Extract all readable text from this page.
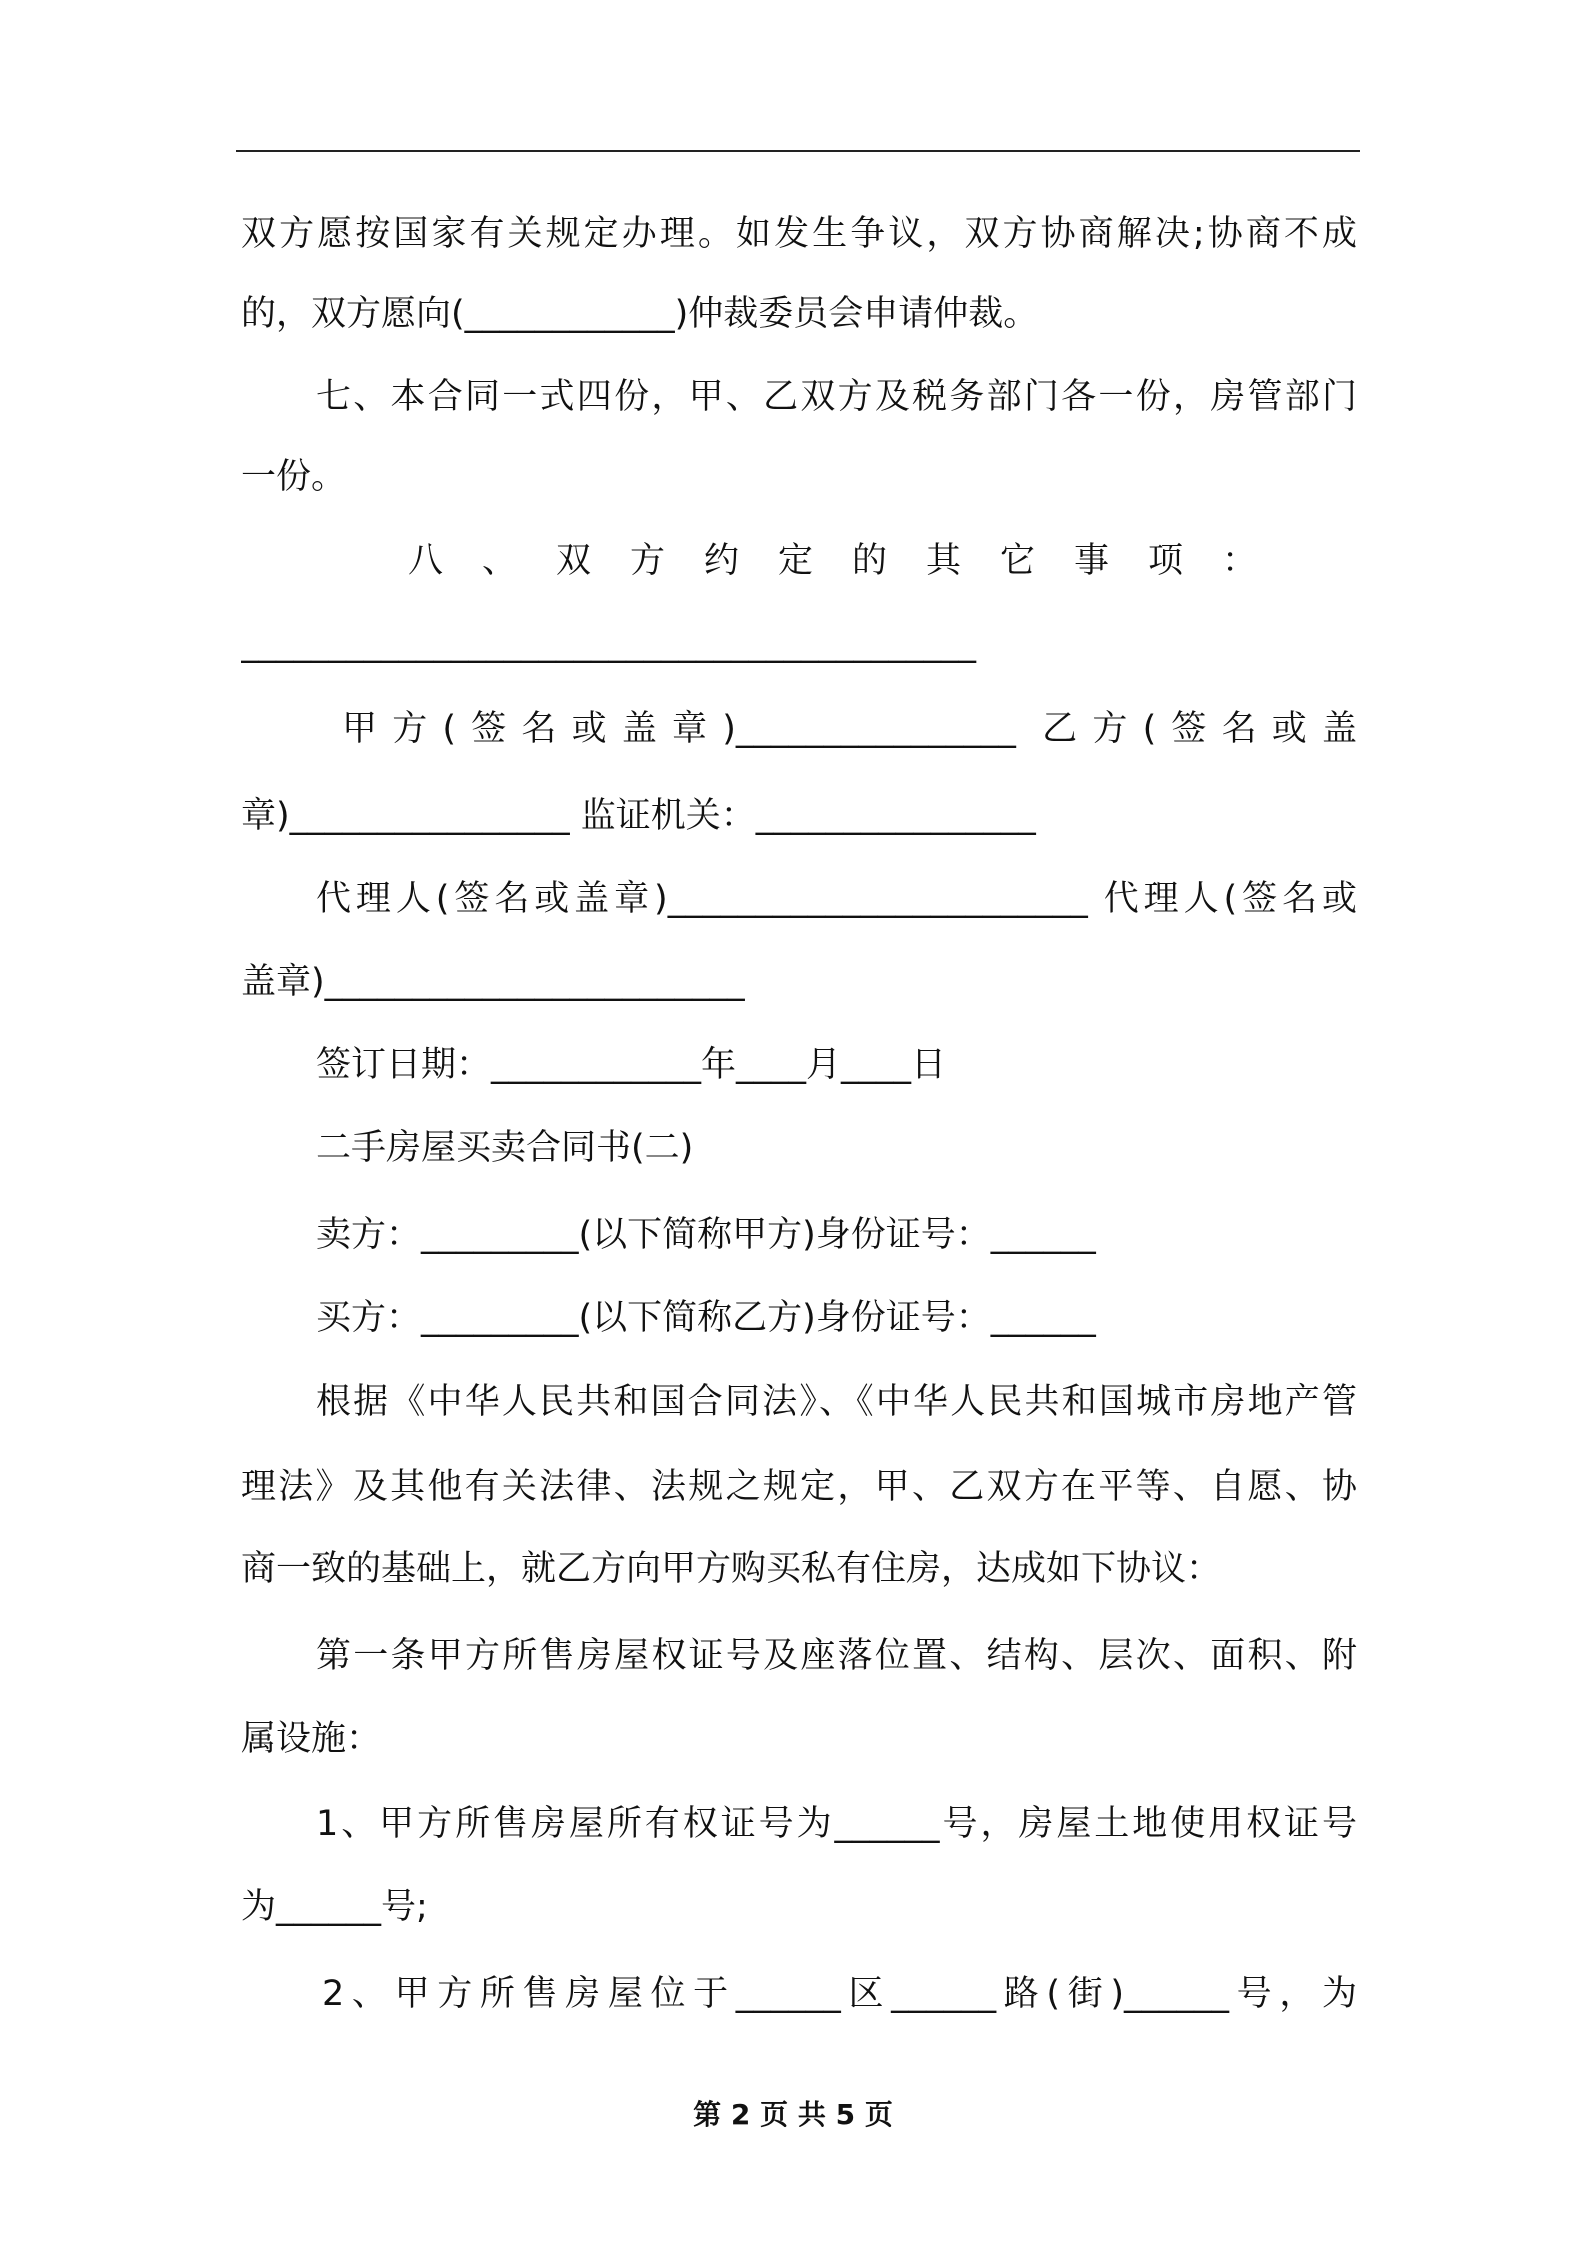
双方愿按国家有关规定办理。如发生争议，双方协商解决;协商不成
的，双方愿向(____________)仲裁委员会申请仲裁。
七、本合同一式四份，甲、乙双方及税务部门各一份，房管部门
一份。
八、双方约定的其它事项：
__________________________________________
甲方(签名或盖章)________________ 乙方(签名或盖
章)________________ 监证机关：________________
代理人(签名或盖章)________________________ 代理人(签名或
盖章)________________________
签订日期：____________年____月____日
二手房屋买卖合同书(二)
卖方：_________(以下简称甲方)身份证号：______
买方：_________(以下简称乙方)身份证号：______
根据《中华人民共和国合同法》、《中华人民共和国城市房地产管
理法》及其他有关法律、法规之规定，甲、乙双方在平等、自愿、协
商一致的基础上，就乙方向甲方购买私有住房，达成如下协议：
第一条甲方所售房屋权证号及座落位置、结构、层次、面积、附
属设施：
1、甲方所售房屋所有权证号为______号，房屋土地使用权证号
为______号;
2、甲方所售房屋位于______区______路(街)______号，为
第 2 页 共 5 页
